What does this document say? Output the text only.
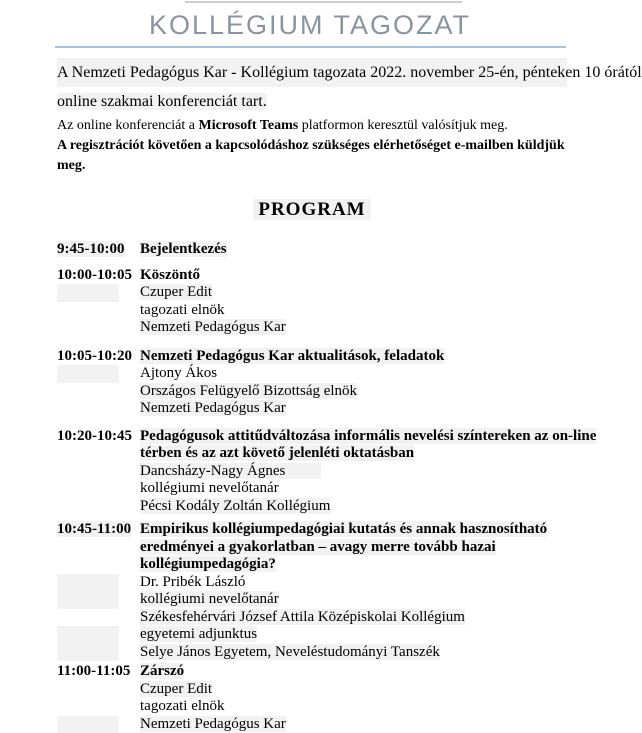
KOLLÉGIUM TAGOZAT
A Nemzeti Pedagógus Kar - Kollégium tagozata 2022. november 25-én, pénteken 10 órától
online szakmai konferenciát tart.
Az online konferenciát a Microsoft Teams platformon keresztül valósítjuk meg.
A regisztrációt követően a kapcsolódáshoz szükséges elérhetőséget e-mailben küldjük meg.
PROGRAM
9:45-10:00	Bejelentkezés
10:00-10:05 Köszöntő
Czuper Edit
tagozati elnök
Nemzeti Pedagógus Kar
10:05-10:20 Nemzeti Pedagógus Kar aktualitások, feladatok
Ajtony Ákos
Országos Felügyelő Bizottság elnök
Nemzeti Pedagógus Kar
10:20-10:45 Pedagógusok attitűdváltozása informális nevelési színtereken az on-line
térben és az azt követő jelenléti oktatásban
Dancsházy-Nagy Ágnes
kollégiumi nevelőtanár
Pécsi Kodály Zoltán Kollégium
10:45-11:00 Empirikus kollégiumpedagógiai kutatás és annak hasznosítható
eredményei a gyakorlatban – avagy merre tovább hazai
kollégiumpedagógia?
Dr. Pribék László
kollégiumi nevelőtanár
Székesfehérvári József Attila Középiskolai Kollégium
egyetemi adjunktus
Selye János Egyetem, Neveléstudományi Tanszék
11:00-11:05 Zárszó
Czuper Edit
tagozati elnök
Nemzeti Pedagógus Kar
